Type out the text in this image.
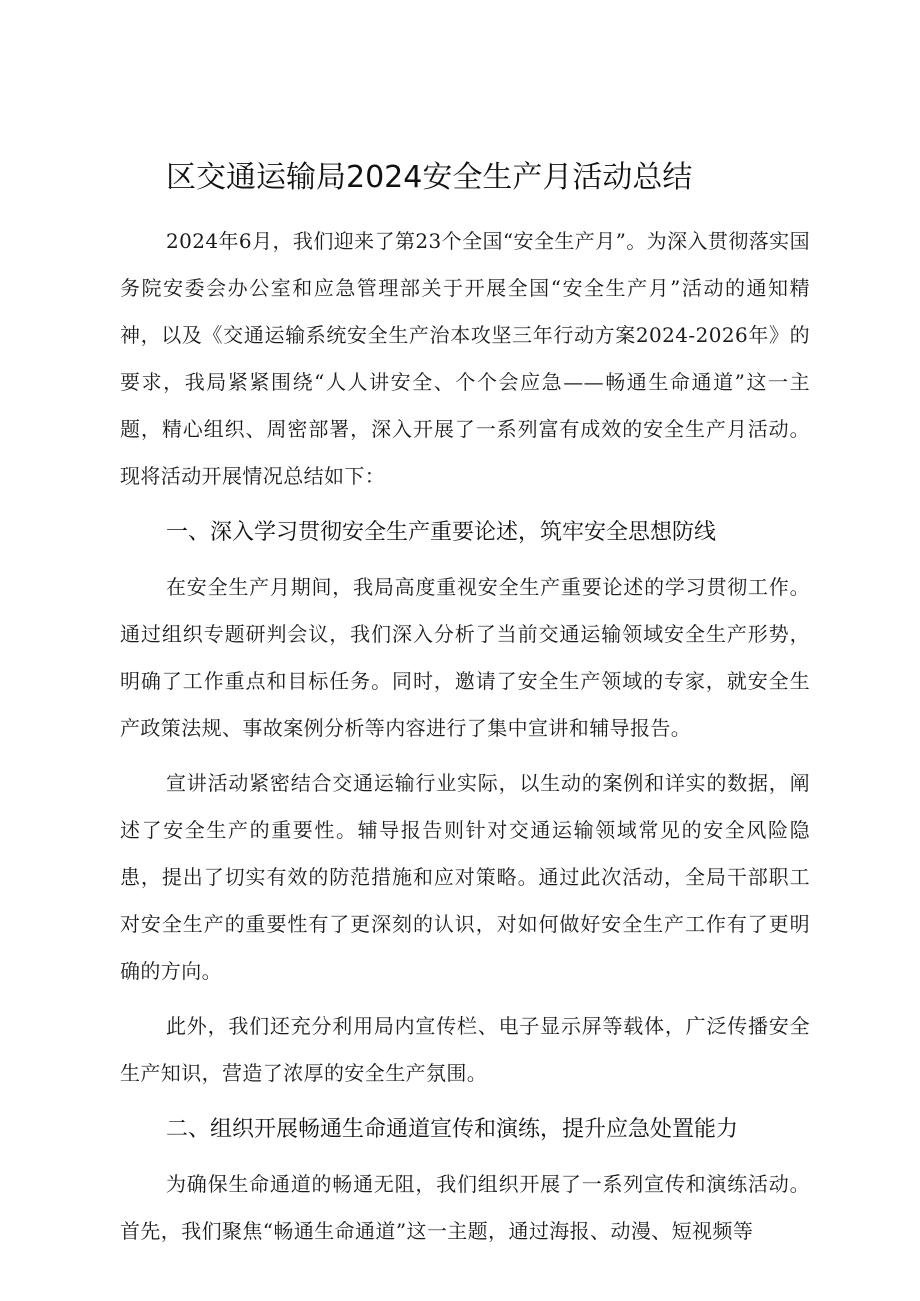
区交通运输局2024安全生产月活动总结

2024年6月，我们迎来了第23个全国“安全生产月”。为深入贯彻落实国务院安委会办公室和应急管理部关于开展全国“安全生产月”活动的通知精神，以及《交通运输系统安全生产治本攻坚三年行动方案2024-2026年》的要求，我局紧紧围绕“人人讲安全、个个会应急——畅通生命通道”这一主题，精心组织、周密部署，深入开展了一系列富有成效的安全生产月活动。现将活动开展情况总结如下：

一、深入学习贯彻安全生产重要论述，筑牢安全思想防线

在安全生产月期间，我局高度重视安全生产重要论述的学习贯彻工作。通过组织专题研判会议，我们深入分析了当前交通运输领域安全生产形势，明确了工作重点和目标任务。同时，邀请了安全生产领域的专家，就安全生产政策法规、事故案例分析等内容进行了集中宣讲和辅导报告。

宣讲活动紧密结合交通运输行业实际，以生动的案例和详实的数据，阐述了安全生产的重要性。辅导报告则针对交通运输领域常见的安全风险隐患，提出了切实有效的防范措施和应对策略。通过此次活动，全局干部职工对安全生产的重要性有了更深刻的认识，对如何做好安全生产工作有了更明确的方向。

此外，我们还充分利用局内宣传栏、电子显示屏等载体，广泛传播安全生产知识，营造了浓厚的安全生产氛围。

二、组织开展畅通生命通道宣传和演练，提升应急处置能力

为确保生命通道的畅通无阻，我们组织开展了一系列宣传和演练活动。首先，我们聚焦“畅通生命通道”这一主题，通过海报、动漫、短视频等
